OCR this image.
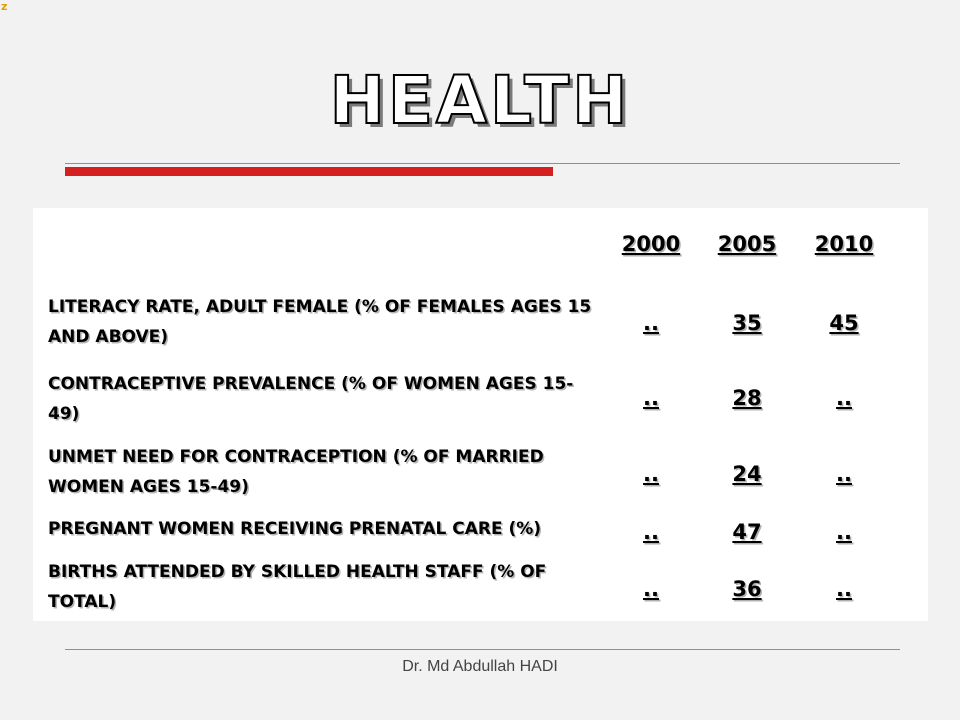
z
HEALTH
2000	2005	2010
LITERACY RATE, ADULT FEMALE (% OF FEMALES AGES 15 AND ABOVE)
..	35	45
CONTRACEPTIVE PREVALENCE (% OF WOMEN AGES 15-49)
..	28	..
UNMET NEED FOR CONTRACEPTION (% OF MARRIED WOMEN AGES 15-49)
..	24	..
PREGNANT WOMEN RECEIVING PRENATAL CARE (%)	..	47	..
BIRTHS ATTENDED BY SKILLED HEALTH STAFF (% OF TOTAL)
..	36	..
Dr. Md Abdullah HADI
